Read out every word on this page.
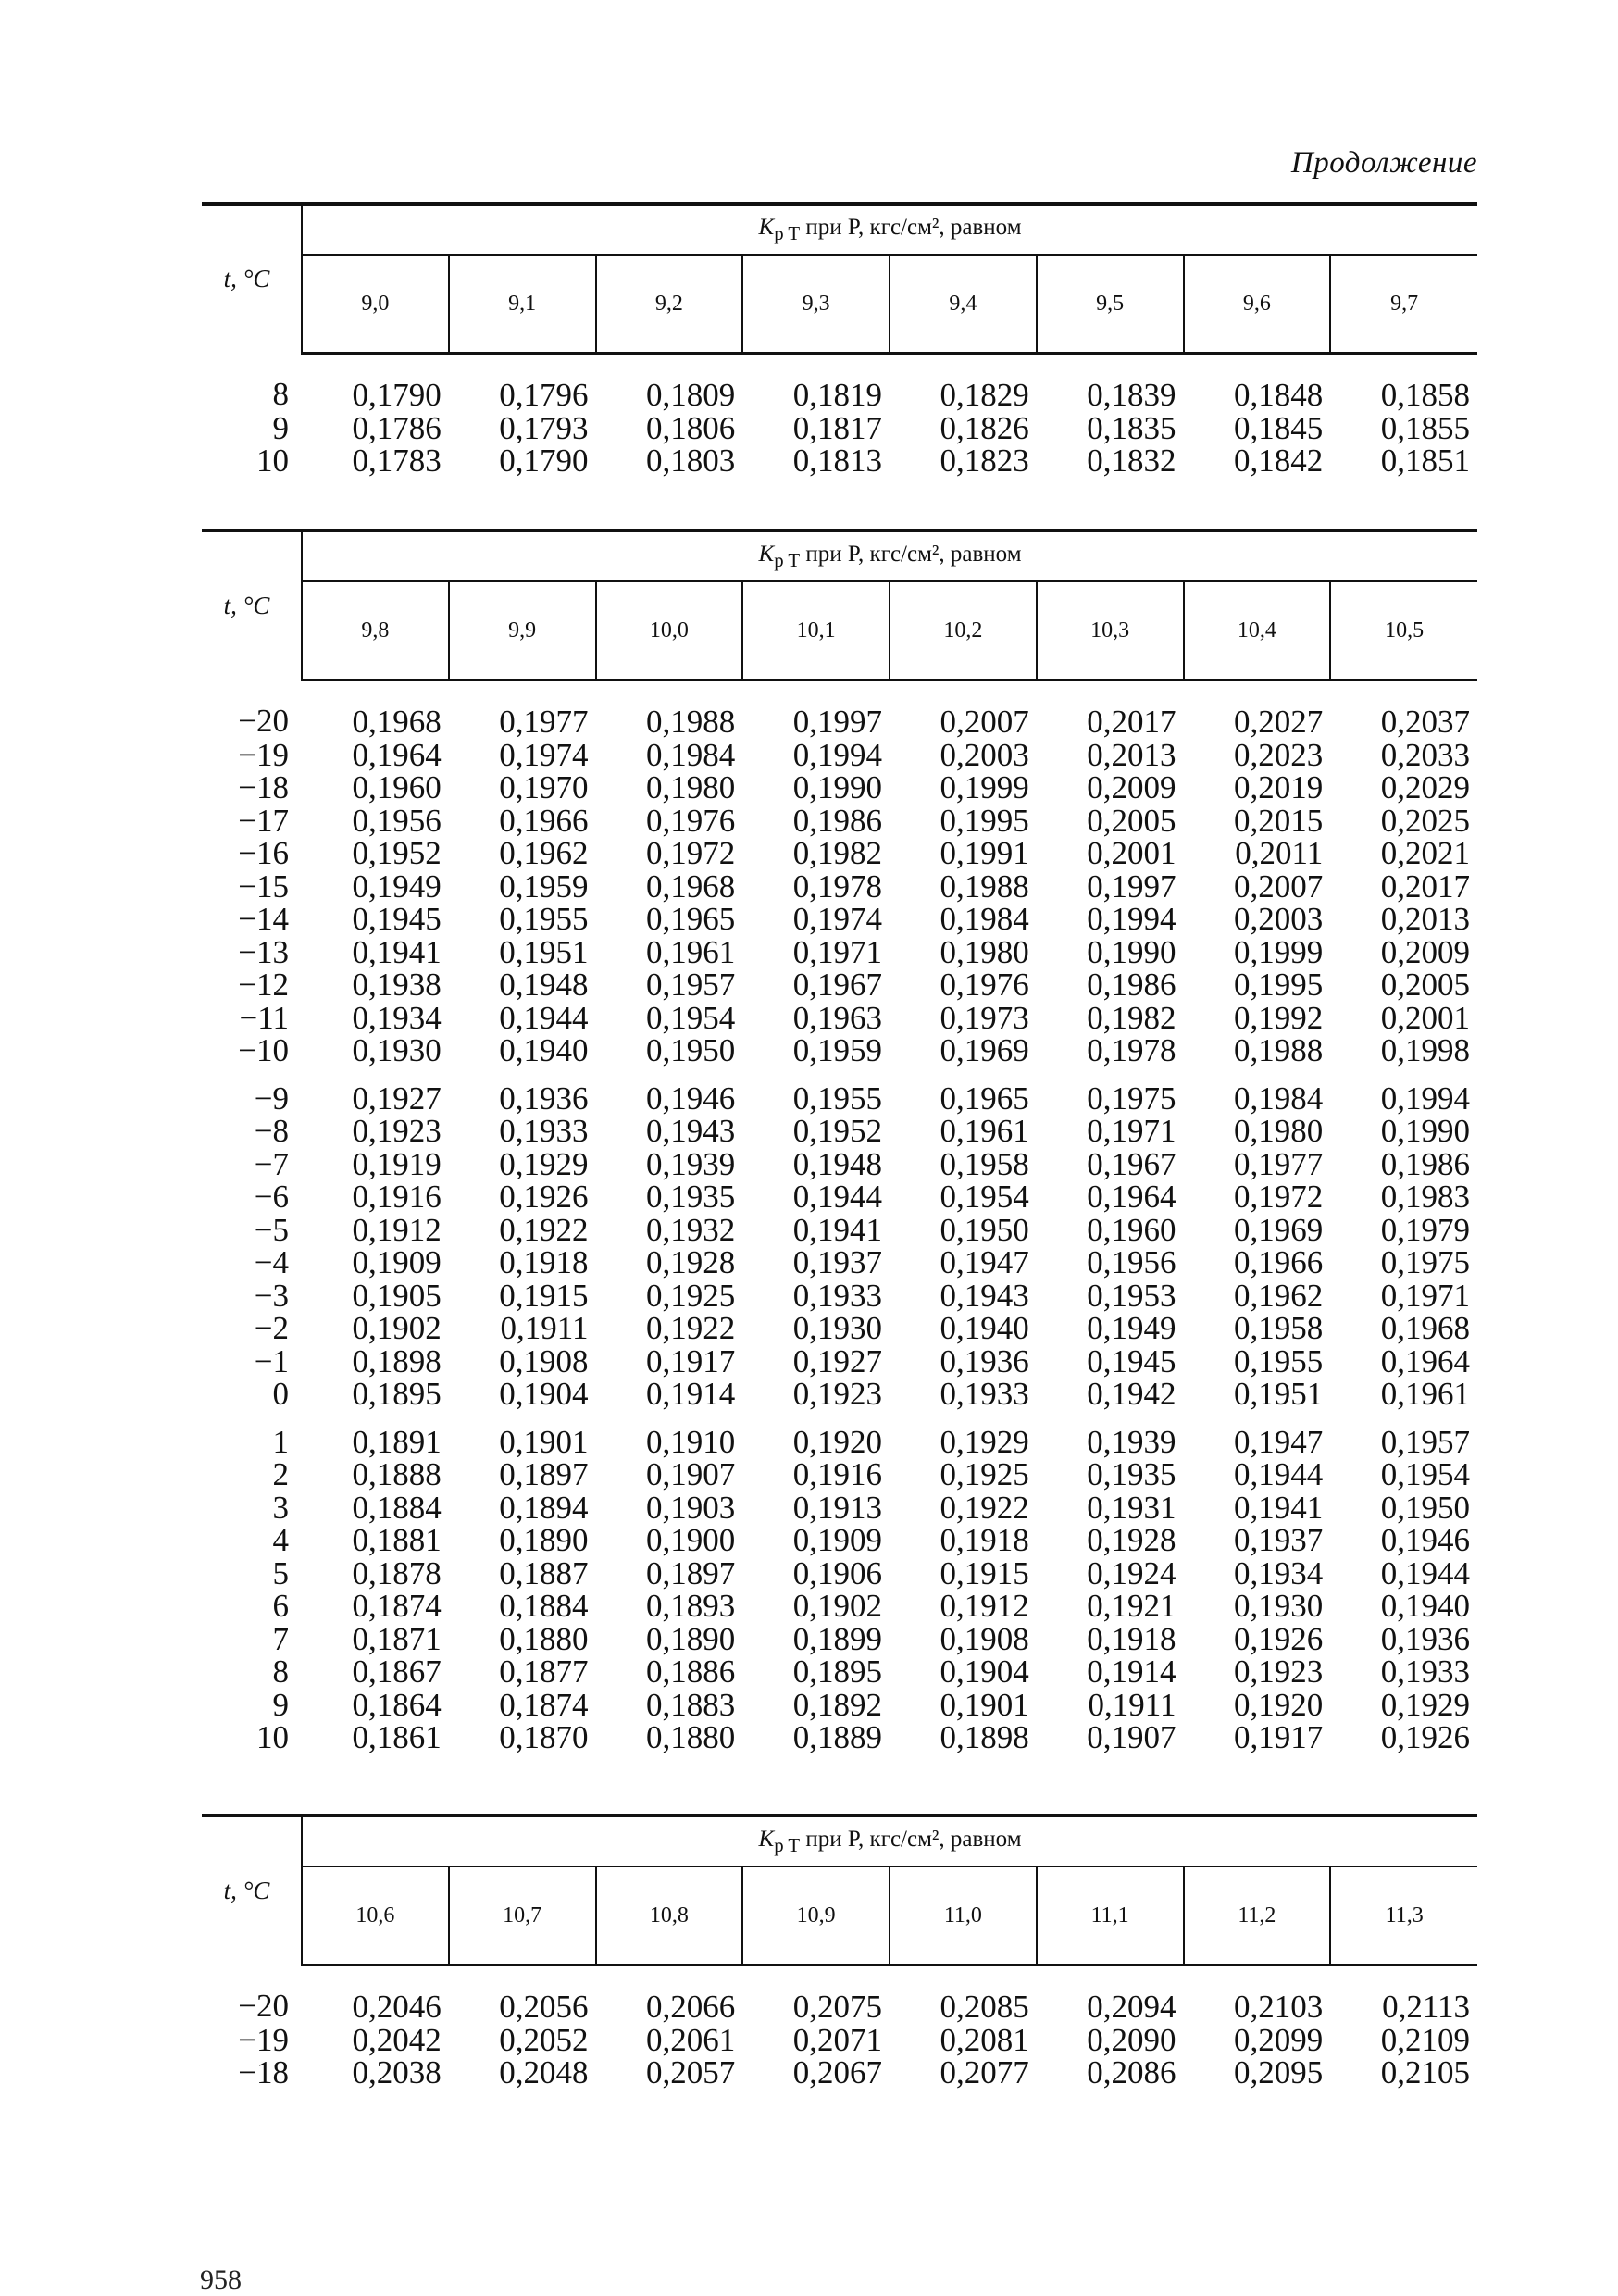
Продолжение
t, °C	$K_{p T}$ при P, кгс/см², равном							
	9,0	9,1	9,2	9,3	9,4	9,5	9,6	9,7
8	0,1790	0,1796	0,1809	0,1819	0,1829	0,1839	0,1848	0,1858
9	0,1786	0,1793	0,1806	0,1817	0,1826	0,1835	0,1845	0,1855
10	0,1783	0,1790	0,1803	0,1813	0,1823	0,1832	0,1842	0,1851
t, °C	$K_{p T}$ при P, кгс/см², равном							
	9,8	9,9	10,0	10,1	10,2	10,3	10,4	10,5
−20	0,1968	0,1977	0,1988	0,1997	0,2007	0,2017	0,2027	0,2037
−19	0,1964	0,1974	0,1984	0,1994	0,2003	0,2013	0,2023	0,2033
−18	0,1960	0,1970	0,1980	0,1990	0,1999	0,2009	0,2019	0,2029
−17	0,1956	0,1966	0,1976	0,1986	0,1995	0,2005	0,2015	0,2025
−16	0,1952	0,1962	0,1972	0,1982	0,1991	0,2001	0,2011	0,2021
−15	0,1949	0,1959	0,1968	0,1978	0,1988	0,1997	0,2007	0,2017
−14	0,1945	0,1955	0,1965	0,1974	0,1984	0,1994	0,2003	0,2013
−13	0,1941	0,1951	0,1961	0,1971	0,1980	0,1990	0,1999	0,2009
−12	0,1938	0,1948	0,1957	0,1967	0,1976	0,1986	0,1995	0,2005
−11	0,1934	0,1944	0,1954	0,1963	0,1973	0,1982	0,1992	0,2001
−10	0,1930	0,1940	0,1950	0,1959	0,1969	0,1978	0,1988	0,1998
−9	0,1927	0,1936	0,1946	0,1955	0,1965	0,1975	0,1984	0,1994
−8	0,1923	0,1933	0,1943	0,1952	0,1961	0,1971	0,1980	0,1990
−7	0,1919	0,1929	0,1939	0,1948	0,1958	0,1967	0,1977	0,1986
−6	0,1916	0,1926	0,1935	0,1944	0,1954	0,1964	0,1972	0,1983
−5	0,1912	0,1922	0,1932	0,1941	0,1950	0,1960	0,1969	0,1979
−4	0,1909	0,1918	0,1928	0,1937	0,1947	0,1956	0,1966	0,1975
−3	0,1905	0,1915	0,1925	0,1933	0,1943	0,1953	0,1962	0,1971
−2	0,1902	0,1911	0,1922	0,1930	0,1940	0,1949	0,1958	0,1968
−1	0,1898	0,1908	0,1917	0,1927	0,1936	0,1945	0,1955	0,1964
0	0,1895	0,1904	0,1914	0,1923	0,1933	0,1942	0,1951	0,1961
1	0,1891	0,1901	0,1910	0,1920	0,1929	0,1939	0,1947	0,1957
2	0,1888	0,1897	0,1907	0,1916	0,1925	0,1935	0,1944	0,1954
3	0,1884	0,1894	0,1903	0,1913	0,1922	0,1931	0,1941	0,1950
4	0,1881	0,1890	0,1900	0,1909	0,1918	0,1928	0,1937	0,1946
5	0,1878	0,1887	0,1897	0,1906	0,1915	0,1924	0,1934	0,1944
6	0,1874	0,1884	0,1893	0,1902	0,1912	0,1921	0,1930	0,1940
7	0,1871	0,1880	0,1890	0,1899	0,1908	0,1918	0,1926	0,1936
8	0,1867	0,1877	0,1886	0,1895	0,1904	0,1914	0,1923	0,1933
9	0,1864	0,1874	0,1883	0,1892	0,1901	0,1911	0,1920	0,1929
10	0,1861	0,1870	0,1880	0,1889	0,1898	0,1907	0,1917	0,1926
t, °C	$K_{p T}$ при P, кгс/см², равном							
	10,6	10,7	10,8	10,9	11,0	11,1	11,2	11,3
−20	0,2046	0,2056	0,2066	0,2075	0,2085	0,2094	0,2103	0,2113
−19	0,2042	0,2052	0,2061	0,2071	0,2081	0,2090	0,2099	0,2109
−18	0,2038	0,2048	0,2057	0,2067	0,2077	0,2086	0,2095	0,2105
958
